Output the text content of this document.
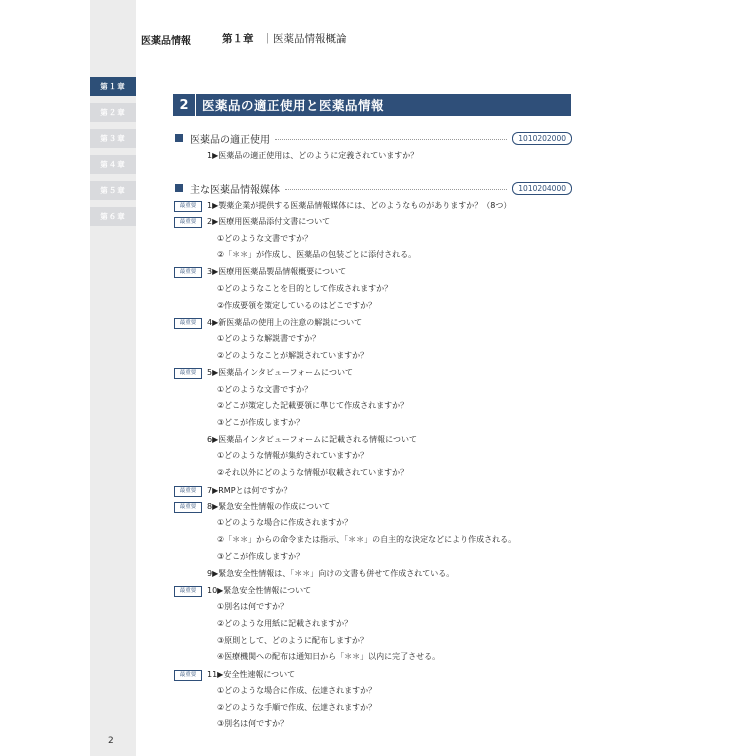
第１章
第２章
第３章
第４章
第５章
第６章
2
医薬品情報	第１章 ｜ 医薬品情報概論
2	医薬品の適正使用と医薬品情報
医薬品の適正使用	1010202000
主な医薬品情報媒体	1010204000
1▶医薬品の適正使用は、どのように定義されていますか？
最重要	1▶製薬企業が提供する医薬品情報媒体には、どのようなものがありますか？（8つ）
最重要	2▶医療用医薬品添付文書について
①どのような文書ですか？
②「＊＊」が作成し、医薬品の包装ごとに添付される。
最重要	3▶医療用医薬品製品情報概要について
①どのようなことを目的として作成されますか？
②作成要領を策定しているのはどこですか？
最重要	4▶新医薬品の使用上の注意の解説について
①どのような解説書ですか？
②どのようなことが解説されていますか？
最重要	5▶医薬品インタビューフォームについて
①どのような文書ですか？
②どこが策定した記載要領に準じて作成されますか？
③どこが作成しますか？
6▶医薬品インタビューフォームに記載される情報について
①どのような情報が集約されていますか？
②それ以外にどのような情報が収載されていますか？
最重要	7▶RMPとは何ですか？
最重要	8▶緊急安全性情報の作成について
①どのような場合に作成されますか？
②「＊＊」からの命令または指示、「＊＊」の自主的な決定などにより作成される。
③どこが作成しますか？
9▶緊急安全性情報は、「＊＊」向けの文書も併せて作成されている。
最重要	10▶緊急安全性情報について
①別名は何ですか？
②どのような用紙に記載されますか？
③原則として、どのように配布しますか？
④医療機関への配布は通知日から「＊＊」以内に完了させる。
最重要	11▶安全性速報について
①どのような場合に作成、伝達されますか？
②どのような手順で作成、伝達されますか？
③別名は何ですか？
